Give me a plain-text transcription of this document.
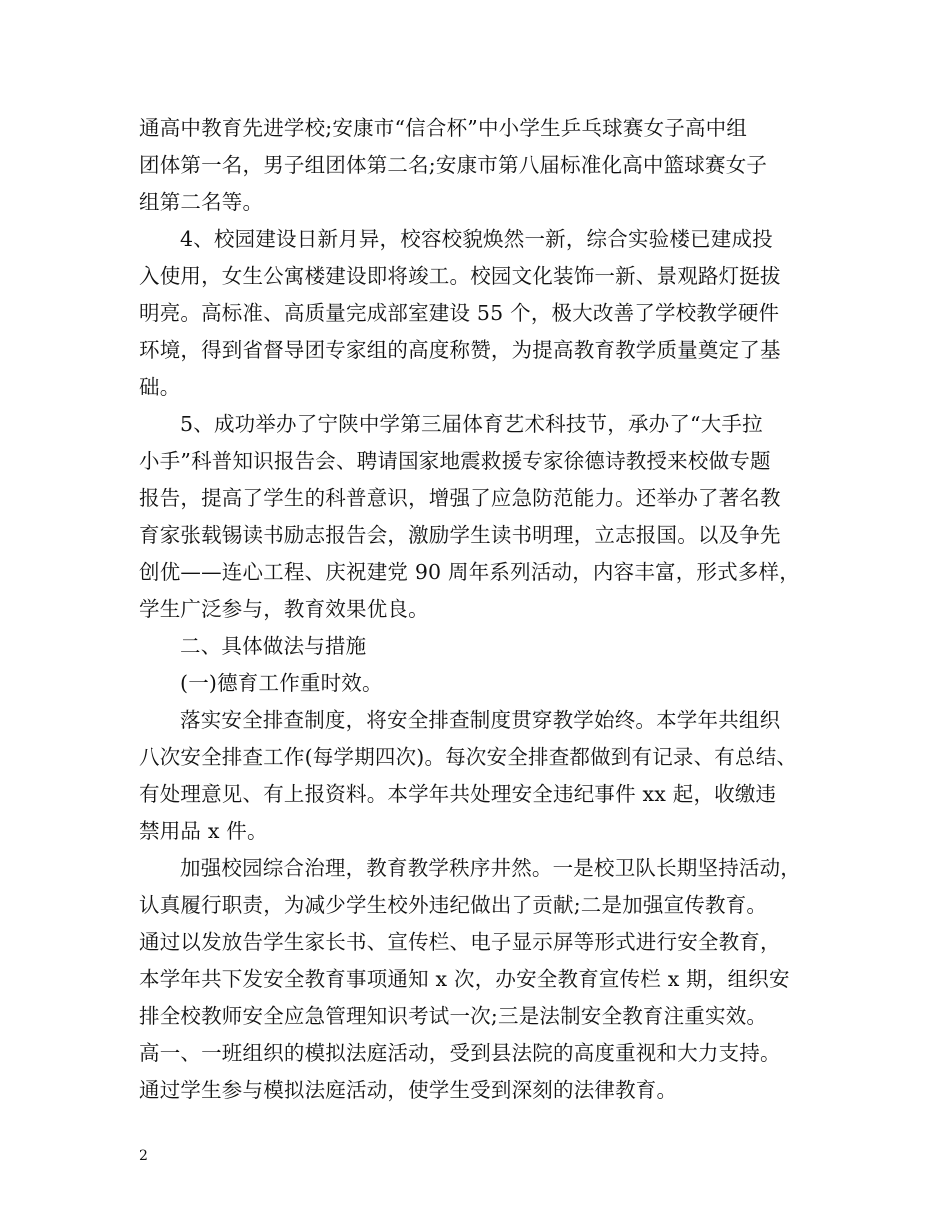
通高中教育先进学校;安康市“信合杯”中小学生乒乓球赛女子高中组
团体第一名，男子组团体第二名;安康市第八届标准化高中篮球赛女子
组第二名等。
4、校园建设日新月异，校容校貌焕然一新，综合实验楼已建成投
入使用，女生公寓楼建设即将竣工。校园文化装饰一新、景观路灯挺拔
明亮。高标准、高质量完成部室建设 55 个，极大改善了学校教学硬件
环境，得到省督导团专家组的高度称赞，为提高教育教学质量奠定了基
础。
5、成功举办了宁陕中学第三届体育艺术科技节，承办了“大手拉
小手”科普知识报告会、聘请国家地震救援专家徐德诗教授来校做专题
报告，提高了学生的科普意识，增强了应急防范能力。还举办了著名教
育家张载锡读书励志报告会，激励学生读书明理，立志报国。以及争先
创优——连心工程、庆祝建党 90 周年系列活动，内容丰富，形式多样，
学生广泛参与，教育效果优良。
二、具体做法与措施
(一)德育工作重时效。
落实安全排查制度，将安全排查制度贯穿教学始终。本学年共组织
八次安全排查工作(每学期四次)。每次安全排查都做到有记录、有总结、
有处理意见、有上报资料。本学年共处理安全违纪事件 xx 起，收缴违
禁用品 x 件。
加强校园综合治理，教育教学秩序井然。一是校卫队长期坚持活动，
认真履行职责，为减少学生校外违纪做出了贡献;二是加强宣传教育。
通过以发放告学生家长书、宣传栏、电子显示屏等形式进行安全教育，
本学年共下发安全教育事项通知 x 次，办安全教育宣传栏 x 期，组织安
排全校教师安全应急管理知识考试一次;三是法制安全教育注重实效。
高一、一班组织的模拟法庭活动，受到县法院的高度重视和大力支持。
通过学生参与模拟法庭活动，使学生受到深刻的法律教育。
2
